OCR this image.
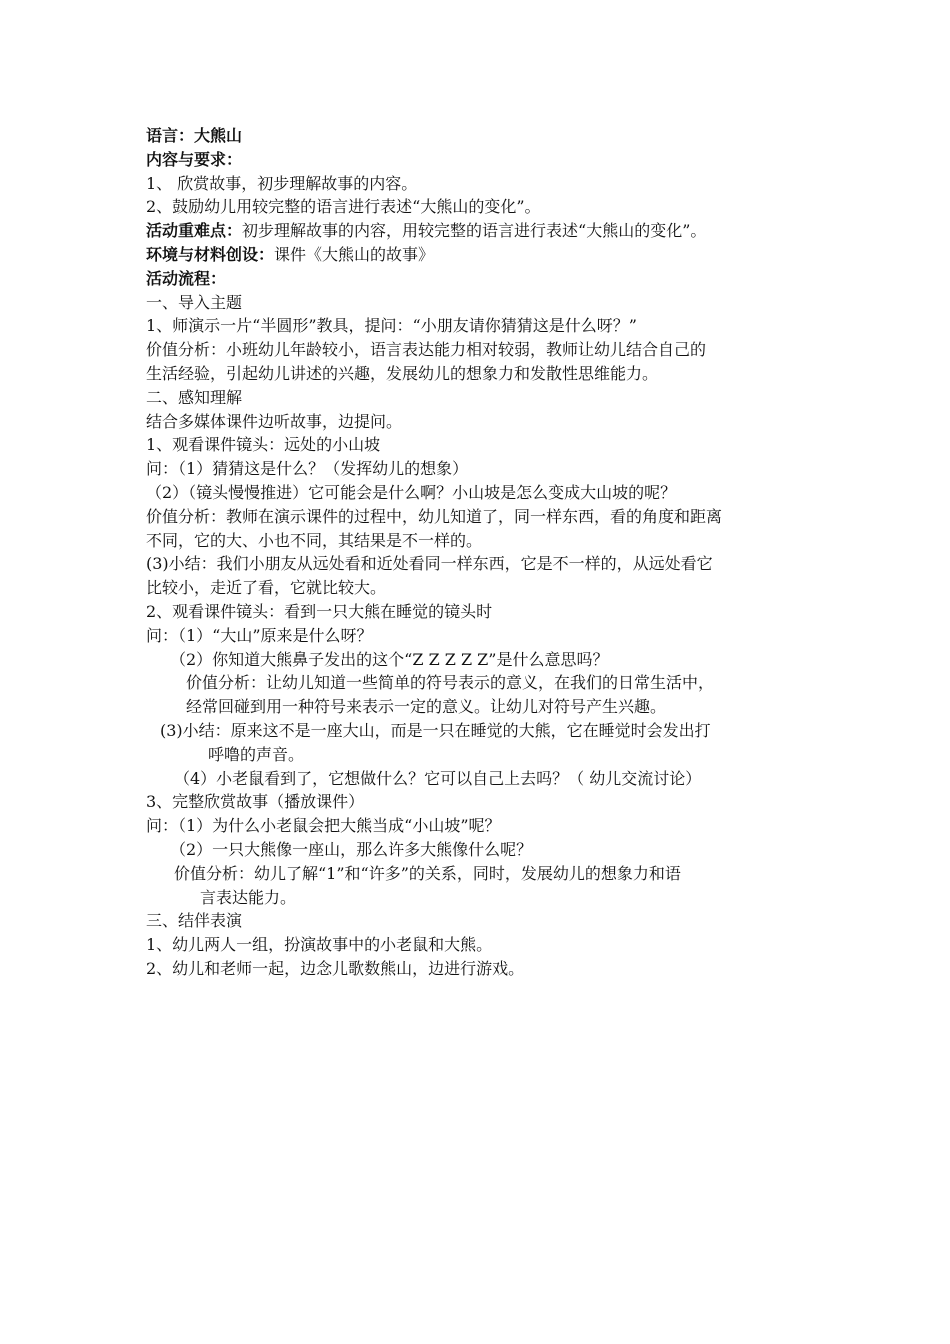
语言：大熊山
内容与要求：
1、 欣赏故事，初步理解故事的内容。
2、鼓励幼儿用较完整的语言进行表述“大熊山的变化”。
活动重难点：初步理解故事的内容，用较完整的语言进行表述“大熊山的变化”。
环境与材料创设：课件《大熊山的故事》
活动流程：
一、导入主题
1、师演示一片“半圆形”教具，提问：“小朋友请你猜猜这是什么呀？”
价值分析：小班幼儿年龄较小，语言表达能力相对较弱，教师让幼儿结合自己的
生活经验，引起幼儿讲述的兴趣，发展幼儿的想象力和发散性思维能力。
二、感知理解
结合多媒体课件边听故事，边提问。
1、观看课件镜头：远处的小山坡
问：（1）猜猜这是什么？（发挥幼儿的想象）
（2）（镜头慢慢推进）它可能会是什么啊？小山坡是怎么变成大山坡的呢？
价值分析：教师在演示课件的过程中，幼儿知道了，同一样东西，看的角度和距离
不同，它的大、小也不同，其结果是不一样的。
(3)小结：我们小朋友从远处看和近处看同一样东西，它是不一样的，从远处看它
比较小，走近了看，它就比较大。
2、观看课件镜头：看到一只大熊在睡觉的镜头时
问：（1）“大山”原来是什么呀？
（2）你知道大熊鼻子发出的这个“Z Z Z Z Z”是什么意思吗？
价值分析：让幼儿知道一些简单的符号表示的意义，在我们的日常生活中，
经常回碰到用一种符号来表示一定的意义。让幼儿对符号产生兴趣。
(3)小结：原来这不是一座大山，而是一只在睡觉的大熊，它在睡觉时会发出打
呼噜的声音。
（4）小老鼠看到了，它想做什么？它可以自己上去吗？（ 幼儿交流讨论）
3、完整欣赏故事（播放课件）
问：（1）为什么小老鼠会把大熊当成“小山坡”呢？
（2）一只大熊像一座山，那么许多大熊像什么呢？
价值分析：幼儿了解“1”和“许多”的关系，同时，发展幼儿的想象力和语
言表达能力。
三、结伴表演
1、幼儿两人一组，扮演故事中的小老鼠和大熊。
2、幼儿和老师一起，边念儿歌数熊山，边进行游戏。
